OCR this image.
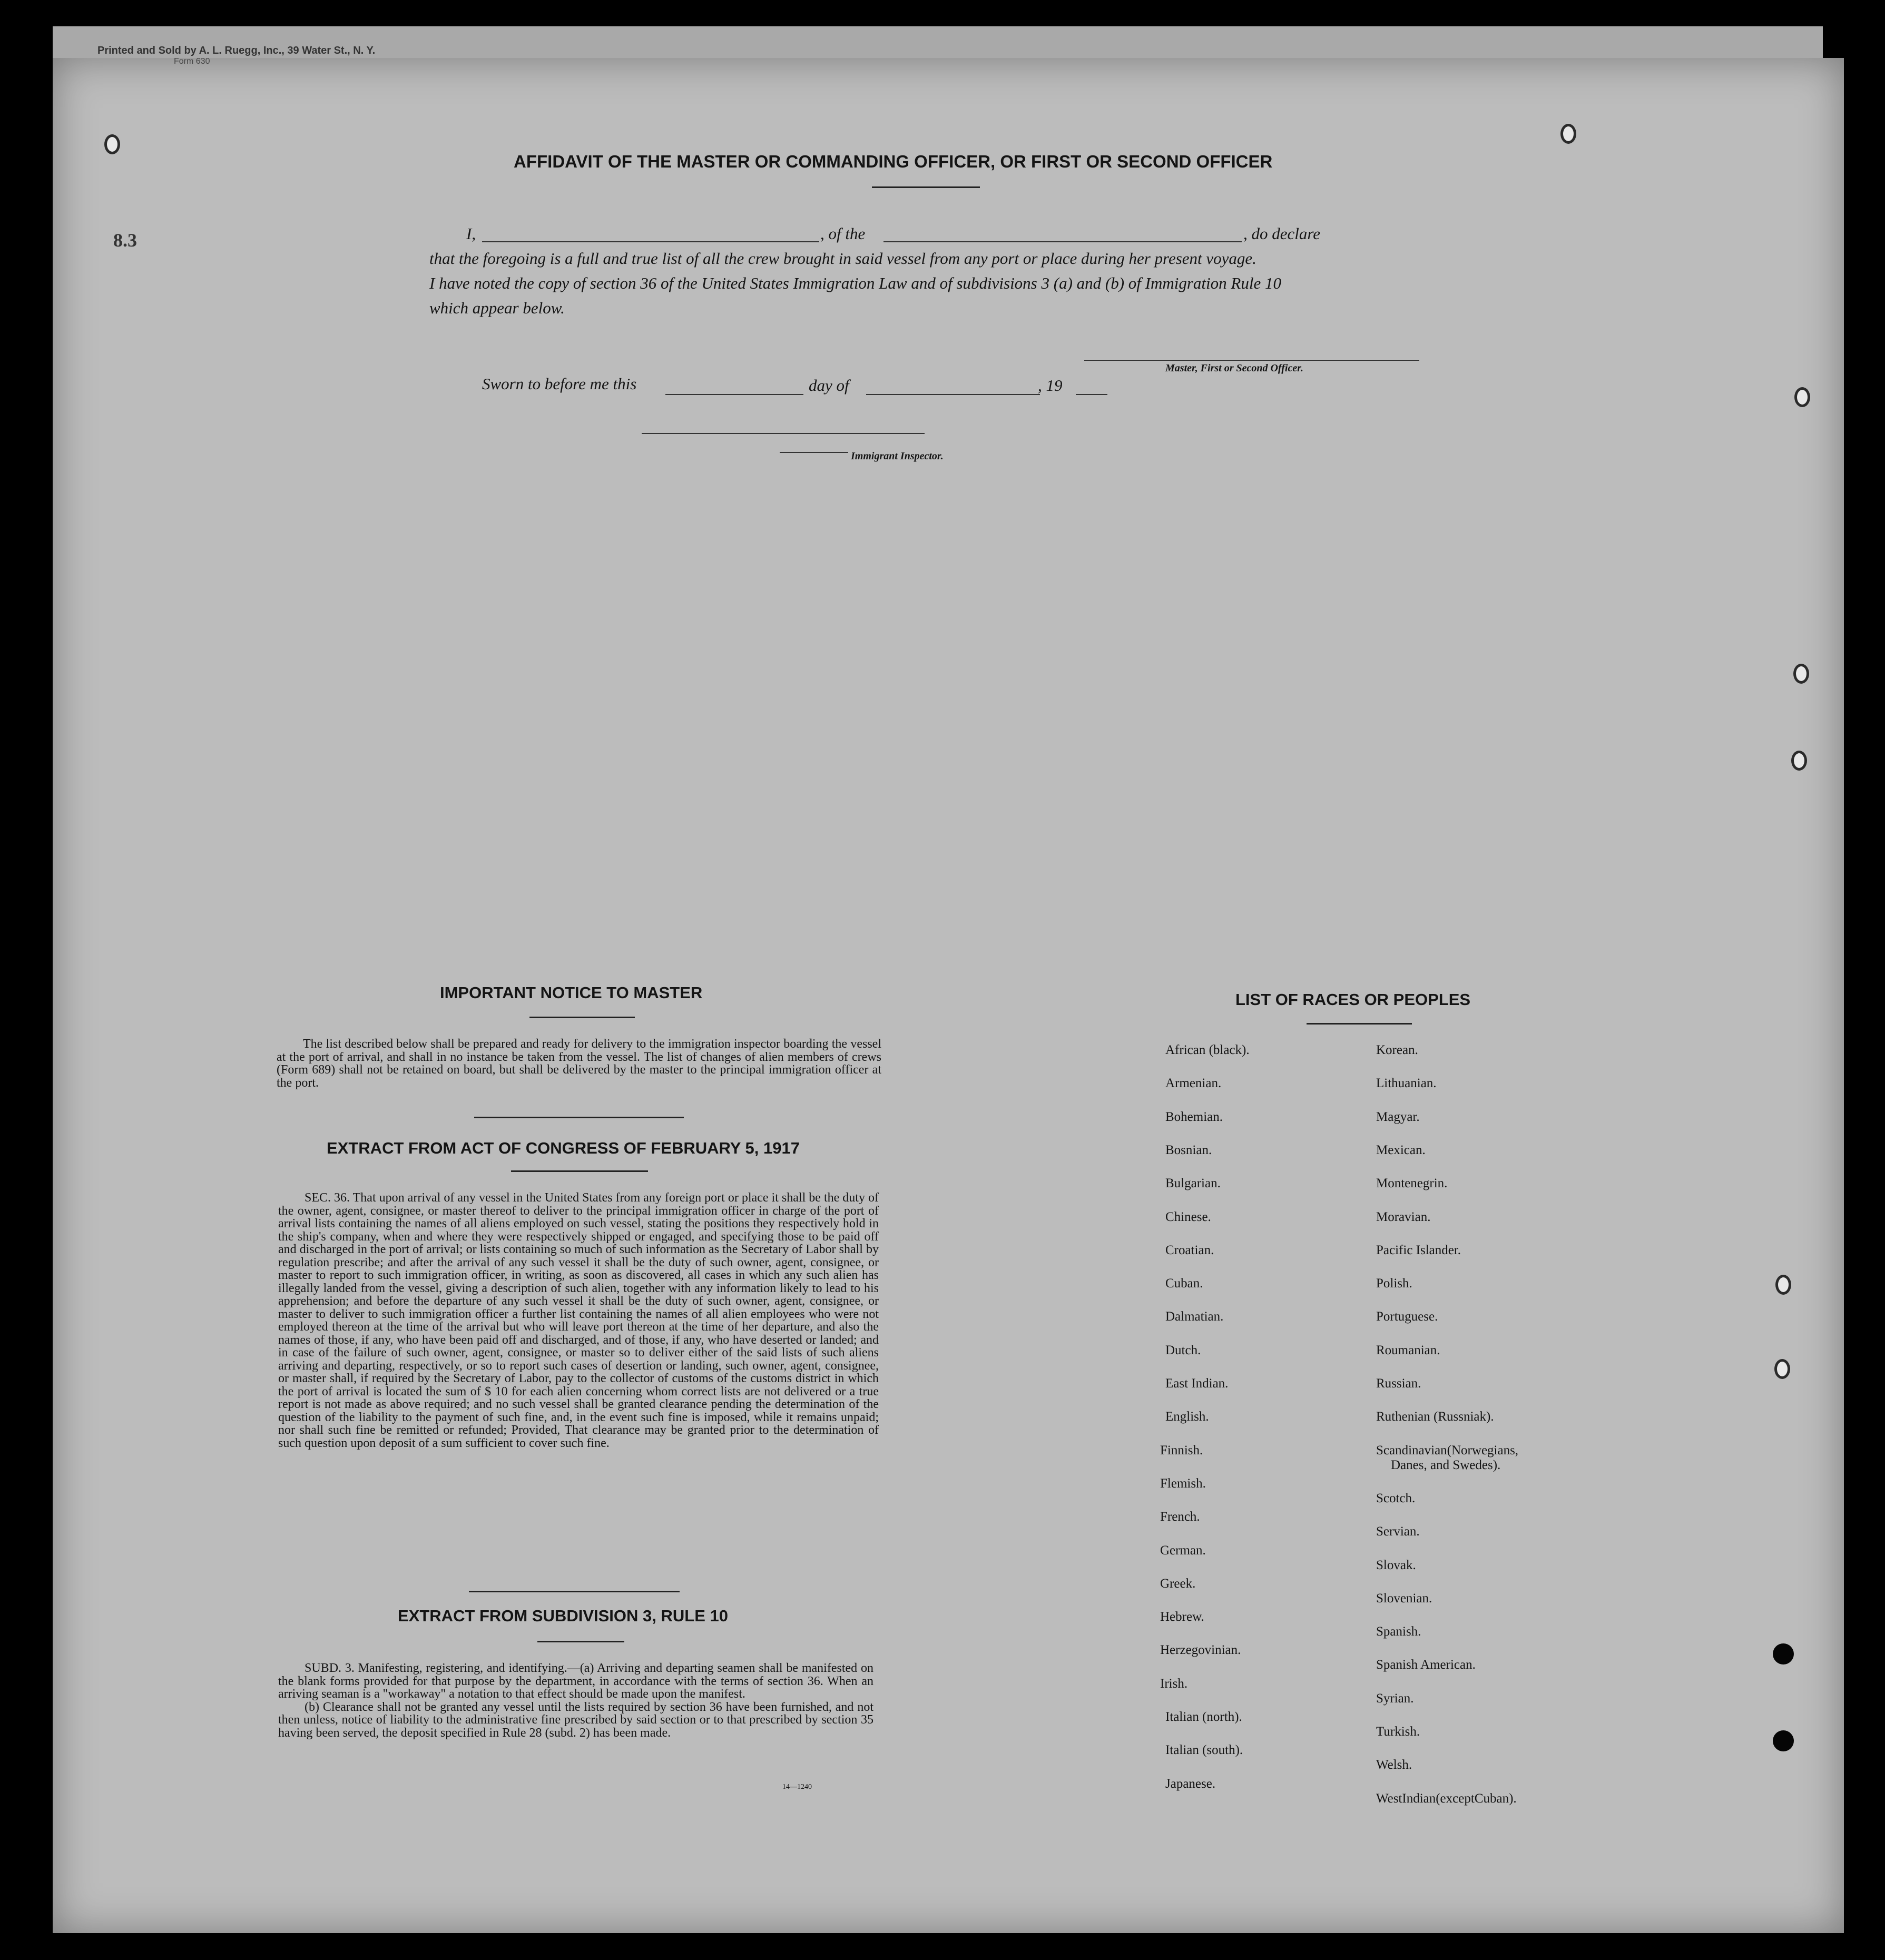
Printed and Sold by A. L. Ruegg, Inc., 39 Water St., N. Y.
Form 630
8.3
AFFIDAVIT OF THE MASTER OR COMMANDING OFFICER, OR FIRST OR SECOND OFFICER
I,	, of the	, do declare
that the foregoing is a full and true list of all the crew brought in said vessel from any port or place during her present voyage.
I have noted the copy of section 36 of the United States Immigration Law and of subdivisions 3 (a) and (b) of Immigration Rule 10
which appear below.
Master, First or Second Officer.
Sworn to before me this	day of	, 19
Immigrant Inspector.
IMPORTANT NOTICE TO MASTER

The list described below shall be prepared and ready for delivery to the immigration inspector boarding the vessel at the port of arrival, and shall in no instance be taken from the vessel. The list of changes of alien members of crews (Form 689) shall not be retained on board, but shall be delivered by the master to the principal immigration officer at the port.

EXTRACT FROM ACT OF CONGRESS OF FEBRUARY 5, 1917

SEC. 36. That upon arrival of any vessel in the United States from any foreign port or place it shall be the duty of the owner, agent, consignee, or master thereof to deliver to the principal immigration officer in charge of the port of arrival lists containing the names of all aliens employed on such vessel, stating the positions they respectively hold in the ship's company, when and where they were respectively shipped or engaged, and specifying those to be paid off and discharged in the port of arrival; or lists containing so much of such information as the Secretary of Labor shall by regulation prescribe; and after the arrival of any such vessel it shall be the duty of such owner, agent, consignee, or master to report to such immigration officer, in writing, as soon as discovered, all cases in which any such alien has illegally landed from the vessel, giving a description of such alien, together with any information likely to lead to his apprehension; and before the departure of any such vessel it shall be the duty of such owner, agent, consignee, or master to deliver to such immigration officer a further list containing the names of all alien employees who were not employed thereon at the time of the arrival but who will leave port thereon at the time of her departure, and also the names of those, if any, who have been paid off and discharged, and of those, if any, who have deserted or landed; and in case of the failure of such owner, agent, consignee, or master so to deliver either of the said lists of such aliens arriving and departing, respectively, or so to report such cases of desertion or landing, such owner, agent, consignee, or master shall, if required by the Secretary of Labor, pay to the collector of customs of the customs district in which the port of arrival is located the sum of $ 10 for each alien concerning whom correct lists are not delivered or a true report is not made as above required; and no such vessel shall be granted clearance pending the determination of the question of the liability to the payment of such fine, and, in the event such fine is imposed, while it remains unpaid; nor shall such fine be remitted or refunded; Provided, That clearance may be granted prior to the determination of such question upon deposit of a sum sufficient to cover such fine.

EXTRACT FROM SUBDIVISION 3, RULE 10

SUBD. 3. Manifesting, registering, and identifying.—(a) Arriving and departing seamen shall be manifested on the blank forms provided for that purpose by the department, in accordance with the terms of section 36. When an arriving seaman is a "workaway" a notation to that effect should be made upon the manifest.

(b) Clearance shall not be granted any vessel until the lists required by section 36 have been furnished, and not then unless, notice of liability to the administrative fine prescribed by said section or to that prescribed by section 35 having been served, the deposit specified in Rule 28 (subd. 2) has been made.

14—1240
LIST OF RACES OR PEOPLES
African (black).
Armenian.
Bohemian.
Bosnian.
Bulgarian.
Chinese.
Croatian.
Cuban.
Dalmatian.
Dutch.
East Indian.
English.
Finnish.
Flemish.
French.
German.
Greek.
Hebrew.
Herzegovinian.
Irish.
Italian (north).
Italian (south).
Japanese.
Korean.
Lithuanian.
Magyar.
Mexican.
Montenegrin.
Moravian.
Pacific Islander.
Polish.
Portuguese.
Roumanian.
Russian.
Ruthenian (Russniak).
Scandinavian(Norwegians,
Scotch.
Servian.
Slovak.
Slovenian.
Spanish.
Spanish American.
Syrian.
Turkish.
Welsh.
WestIndian(exceptCuban).
Danes, and Swedes).
